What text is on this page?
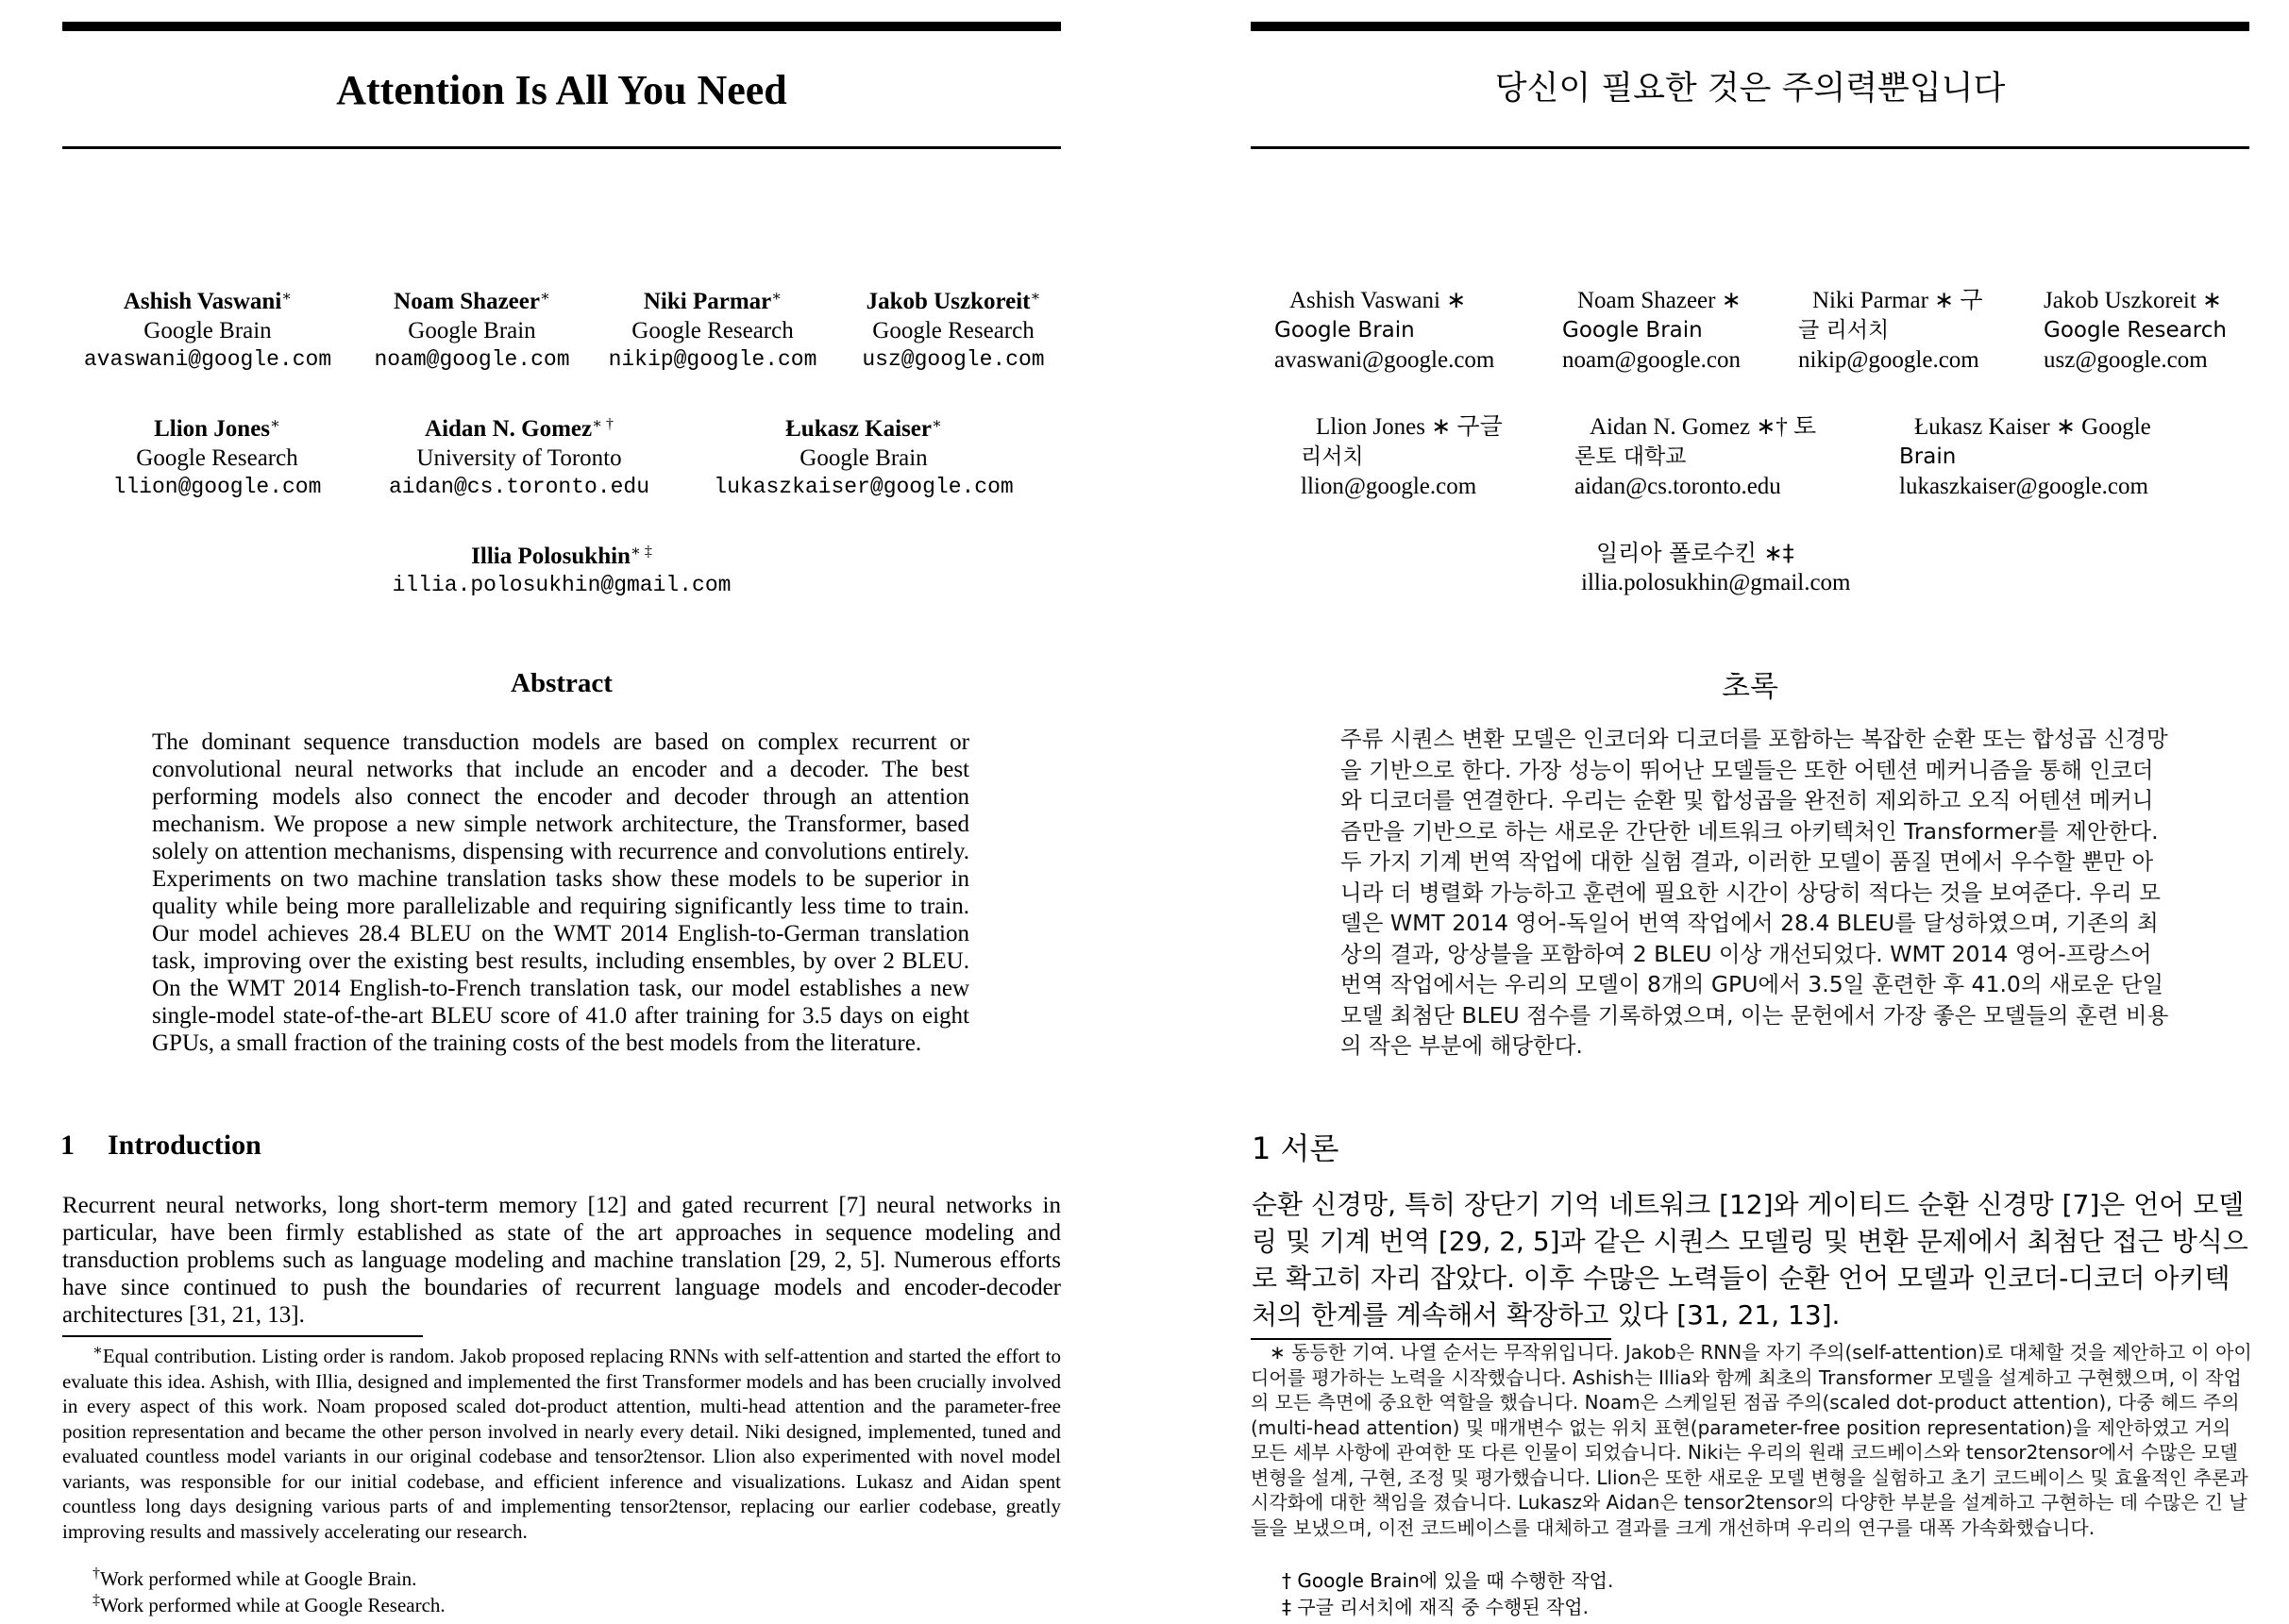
Attention Is All You Need
Ashish Vaswani∗
Google Brain
avaswani@google.com
Noam Shazeer∗
Google Brain
noam@google.com
Niki Parmar∗
Google Research
nikip@google.com
Jakob Uszkoreit∗
Google Research
usz@google.com
Llion Jones∗
Google Research
llion@google.com
Aidan N. Gomez∗ †
University of Toronto
aidan@cs.toronto.edu
Łukasz Kaiser∗
Google Brain
lukaszkaiser@google.com
Illia Polosukhin∗ ‡
illia.polosukhin@gmail.com
Abstract

The dominant sequence transduction models are based on complex recurrent or convolutional neural networks that include an encoder and a decoder. The best performing models also connect the encoder and decoder through an attention mechanism. We propose a new simple network architecture, the Transformer, based solely on attention mechanisms, dispensing with recurrence and convolutions entirely. Experiments on two machine translation tasks show these models to be superior in quality while being more parallelizable and requiring significantly less time to train. Our model achieves 28.4 BLEU on the WMT 2014 English-to-German translation task, improving over the existing best results, including ensembles, by over 2 BLEU. On the WMT 2014 English-to-French translation task, our model establishes a new single-model state-of-the-art BLEU score of 41.0 after training for 3.5 days on eight GPUs, a small fraction of the training costs of the best models from the literature.

1 Introduction

Recurrent neural networks, long short-term memory [12] and gated recurrent [7] neural networks in particular, have been firmly established as state of the art approaches in sequence modeling and transduction problems such as language modeling and machine translation [29, 2, 5]. Numerous efforts have since continued to push the boundaries of recurrent language models and encoder-decoder architectures [31, 21, 13].

∗Equal contribution. Listing order is random. Jakob proposed replacing RNNs with self-attention and started the effort to evaluate this idea. Ashish, with Illia, designed and implemented the first Transformer models and has been crucially involved in every aspect of this work. Noam proposed scaled dot-product attention, multi-head attention and the parameter-free position representation and became the other person involved in nearly every detail. Niki designed, implemented, tuned and evaluated countless model variants in our original codebase and tensor2tensor. Llion also experimented with novel model variants, was responsible for our initial codebase, and efficient inference and visualizations. Lukasz and Aidan spent countless long days designing various parts of and implementing tensor2tensor, replacing our earlier codebase, greatly improving results and massively accelerating our research.

†Work performed while at Google Brain.

‡Work performed while at Google Research.

당신이 필요한 것은 주의력뿐입니다
Ashish Vaswani ∗
Google Brain
avaswani@google.com
Noam Shazeer ∗
Google Brain
noam@google.con
Niki Parmar ∗ 구
글 리서치
nikip@google.com
Jakob Uszkoreit ∗
Google Research
usz@google.com
Llion Jones ∗ 구글
리서치
llion@google.com
Aidan N. Gomez ∗† 토
론토 대학교
aidan@cs.toronto.edu
Łukasz Kaiser ∗ Google
Brain
lukaszkaiser@google.com
일리아 폴로수킨 ∗‡
illia.polosukhin@gmail.com
초록

주류 시퀀스 변환 모델은 인코더와 디코더를 포함하는 복잡한 순환 또는 합성곱 신경망을 기반으로 한다. 가장 성능이 뛰어난 모델들은 또한 어텐션 메커니즘을 통해 인코더와 디코더를 연결한다. 우리는 순환 및 합성곱을 완전히 제외하고 오직 어텐션 메커니즘만을 기반으로 하는 새로운 간단한 네트워크 아키텍처인 Transformer를 제안한다. 두 가지 기계 번역 작업에 대한 실험 결과, 이러한 모델이 품질 면에서 우수할 뿐만 아니라 더 병렬화 가능하고 훈련에 필요한 시간이 상당히 적다는 것을 보여준다. 우리 모델은 WMT 2014 영어-독일어 번역 작업에서 28.4 BLEU를 달성하였으며, 기존의 최상의 결과, 앙상블을 포함하여 2 BLEU 이상 개선되었다. WMT 2014 영어-프랑스어 번역 작업에서는 우리의 모델이 8개의 GPU에서 3.5일 훈련한 후 41.0의 새로운 단일 모델 최첨단 BLEU 점수를 기록하였으며, 이는 문헌에서 가장 좋은 모델들의 훈련 비용의 작은 부분에 해당한다.

1 서론

순환 신경망, 특히 장단기 기억 네트워크 [12]와 게이티드 순환 신경망 [7]은 언어 모델링 및 기계 번역 [29, 2, 5]과 같은 시퀀스 모델링 및 변환 문제에서 최첨단 접근 방식으로 확고히 자리 잡았다. 이후 수많은 노력들이 순환 언어 모델과 인코더-디코더 아키텍처의 한계를 계속해서 확장하고 있다 [31, 21, 13].

∗ 동등한 기여. 나열 순서는 무작위입니다. Jakob은 RNN을 자기 주의(self-attention)로 대체할 것을 제안하고 이 아이디어를 평가하는 노력을 시작했습니다. Ashish는 Illia와 함께 최초의 Transformer 모델을 설계하고 구현했으며, 이 작업의 모든 측면에 중요한 역할을 했습니다. Noam은 스케일된 점곱 주의(scaled dot-product attention), 다중 헤드 주의(multi-head attention) 및 매개변수 없는 위치 표현(parameter-free position representation)을 제안하였고 거의 모든 세부 사항에 관여한 또 다른 인물이 되었습니다. Niki는 우리의 원래 코드베이스와 tensor2tensor에서 수많은 모델 변형을 설계, 구현, 조정 및 평가했습니다. Llion은 또한 새로운 모델 변형을 실험하고 초기 코드베이스 및 효율적인 추론과 시각화에 대한 책임을 졌습니다. Lukasz와 Aidan은 tensor2tensor의 다양한 부분을 설계하고 구현하는 데 수많은 긴 날들을 보냈으며, 이전 코드베이스를 대체하고 결과를 크게 개선하며 우리의 연구를 대폭 가속화했습니다.

† Google Brain에 있을 때 수행한 작업.

‡ 구글 리서치에 재직 중 수행된 작업.
